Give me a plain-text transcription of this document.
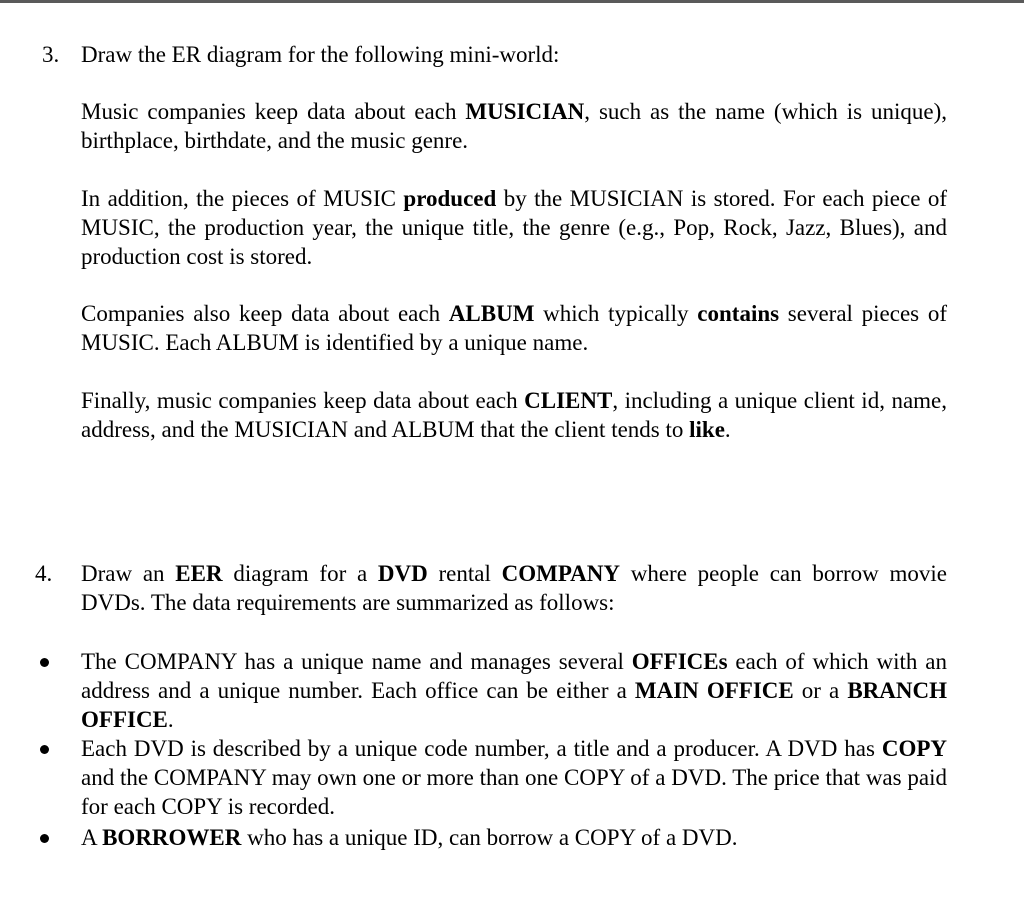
3. Draw the ER diagram for the following mini-world:
Music companies keep data about each MUSICIAN, such as the name (which is unique), birthplace, birthdate, and the music genre.
In addition, the pieces of MUSIC produced by the MUSICIAN is stored. For each piece of MUSIC, the production year, the unique title, the genre (e.g., Pop, Rock, Jazz, Blues), and production cost is stored.
Companies also keep data about each ALBUM which typically contains several pieces of MUSIC. Each ALBUM is identified by a unique name.
Finally, music companies keep data about each CLIENT, including a unique client id, name, address, and the MUSICIAN and ALBUM that the client tends to like.
4. Draw an EER diagram for a DVD rental COMPANY where people can borrow movie DVDs. The data requirements are summarized as follows:
The COMPANY has a unique name and manages several OFFICEs each of which with an address and a unique number. Each office can be either a MAIN OFFICE or a BRANCH OFFICE.
Each DVD is described by a unique code number, a title and a producer. A DVD has COPY and the COMPANY may own one or more than one COPY of a DVD. The price that was paid for each COPY is recorded.
A BORROWER who has a unique ID, can borrow a COPY of a DVD.
